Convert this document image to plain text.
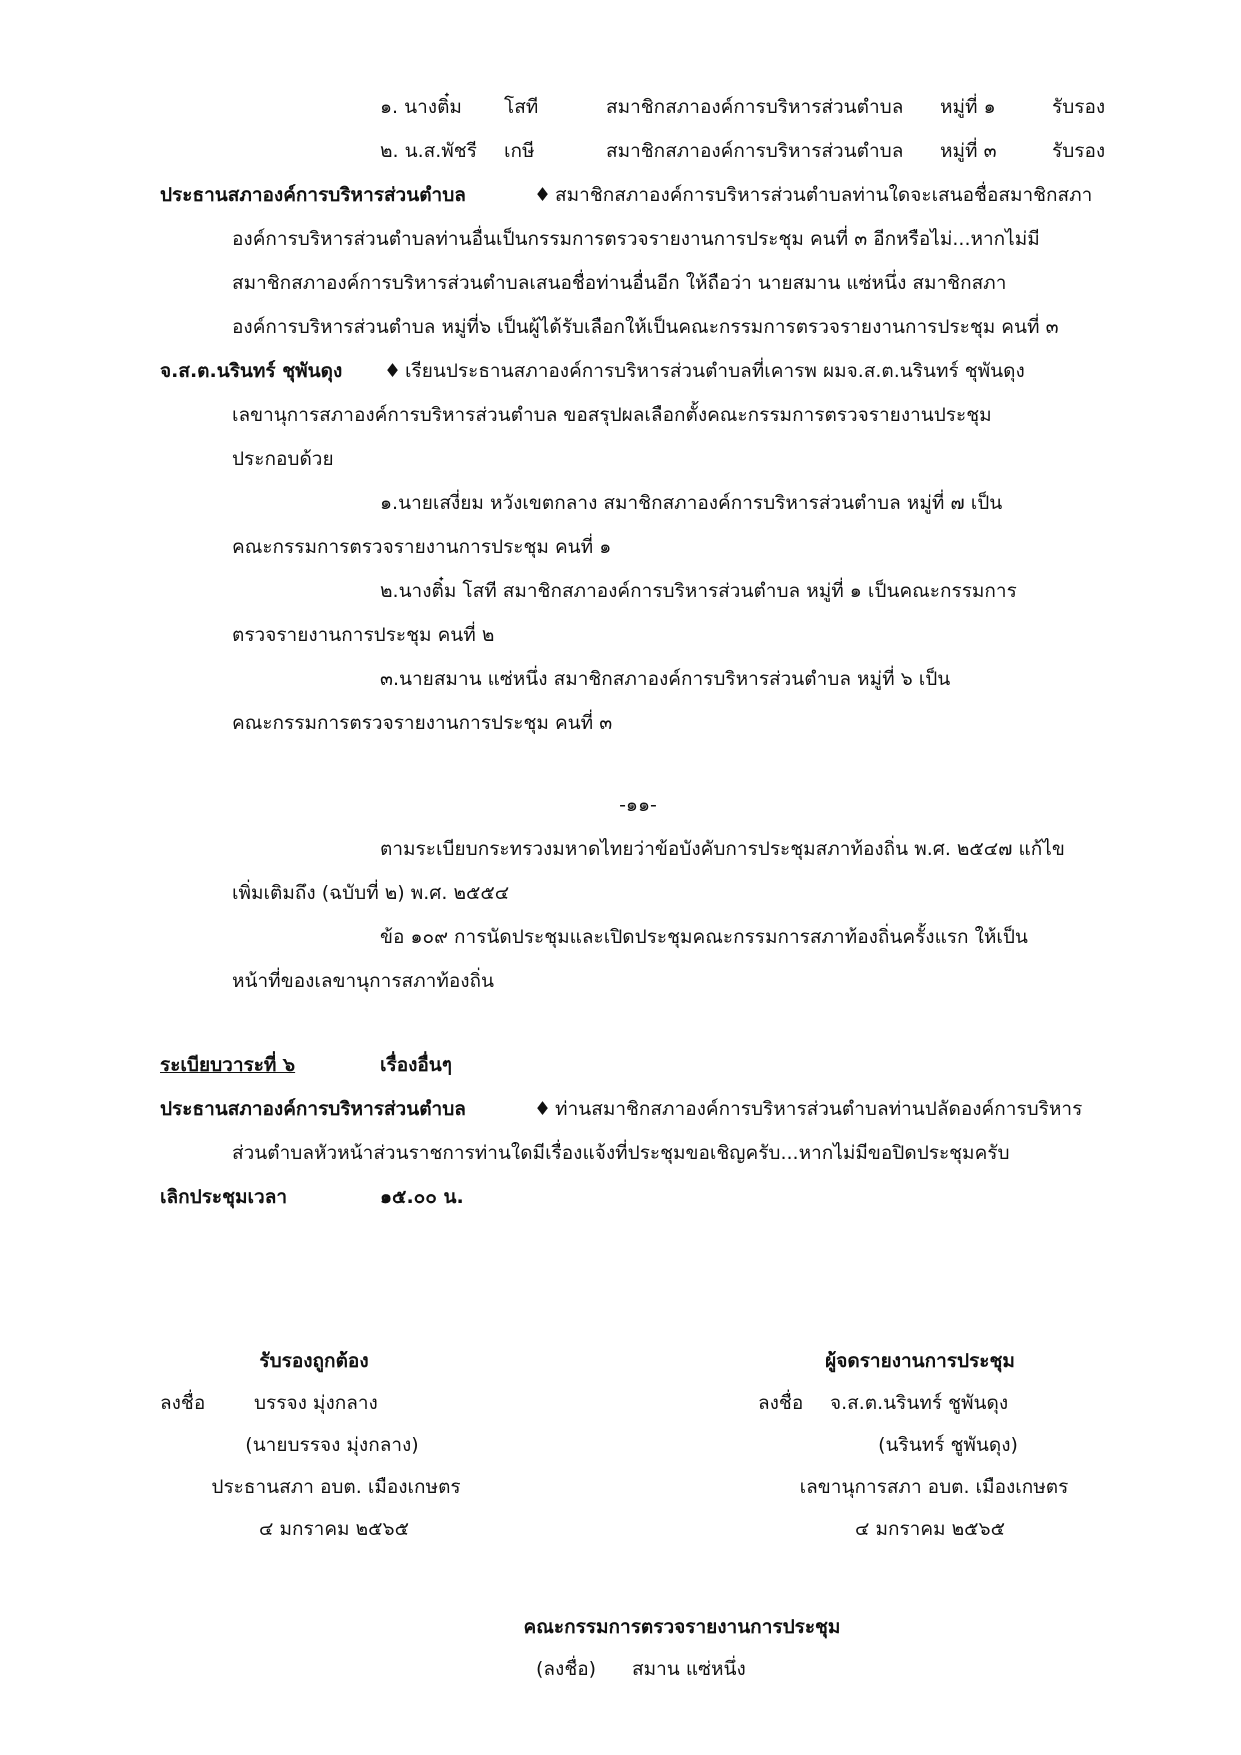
๑. นางติ๋ม โสที	สมาชิกสภาองค์การบริหารส่วนตำบล หมู่ที่ ๑	รับรอง
๒. น.ส.พัชรี เกษี	สมาชิกสภาองค์การบริหารส่วนตำบล หมู่ที่ ๓	รับรอง
ประธานสภาองค์การบริหารส่วนตำบล	♦ สมาชิกสภาองค์การบริหารส่วนตำบลท่านใดจะเสนอชื่อสมาชิกสภา
องค์การบริหารส่วนตำบลท่านอื่นเป็นกรรมการตรวจรายงานการประชุม คนที่ ๓ อีกหรือไม่...หากไม่มี
สมาชิกสภาองค์การบริหารส่วนตำบลเสนอชื่อท่านอื่นอีก ให้ถือว่า นายสมาน แซ่หนึ่ง สมาชิกสภา
องค์การบริหารส่วนตำบล หมู่ที่๖ เป็นผู้ได้รับเลือกให้เป็นคณะกรรมการตรวจรายงานการประชุม คนที่ ๓
จ.ส.ต.นรินทร์ ชุพันดุง ♦ เรียนประธานสภาองค์การบริหารส่วนตำบลที่เคารพ ผมจ.ส.ต.นรินทร์ ชุพันดุง
เลขานุการสภาองค์การบริหารส่วนตำบล ขอสรุปผลเลือกตั้งคณะกรรมการตรวจรายงานประชุม
ประกอบด้วย
๑.นายเสงี่ยม หวังเขตกลาง สมาชิกสภาองค์การบริหารส่วนตำบล หมู่ที่ ๗ เป็น
คณะกรรมการตรวจรายงานการประชุม คนที่ ๑
๒.นางติ๋ม โสที สมาชิกสภาองค์การบริหารส่วนตำบล หมู่ที่ ๑ เป็นคณะกรรมการ
ตรวจรายงานการประชุม คนที่ ๒
๓.นายสมาน แซ่หนึ่ง สมาชิกสภาองค์การบริหารส่วนตำบล หมู่ที่ ๖ เป็น
คณะกรรมการตรวจรายงานการประชุม คนที่ ๓
-๑๑-
ตามระเบียบกระทรวงมหาดไทยว่าข้อบังคับการประชุมสภาท้องถิ่น พ.ศ. ๒๕๔๗ แก้ไข
เพิ่มเติมถึง (ฉบับที่ ๒) พ.ศ. ๒๕๕๔
ข้อ ๑๐๙ การนัดประชุมและเปิดประชุมคณะกรรมการสภาท้องถิ่นครั้งแรก ให้เป็น
หน้าที่ของเลขานุการสภาท้องถิ่น
ระเบียบวาระที่ ๖	เรื่องอื่นๆ
ประธานสภาองค์การบริหารส่วนตำบล	♦ ท่านสมาชิกสภาองค์การบริหารส่วนตำบลท่านปลัดองค์การบริหาร
ส่วนตำบลหัวหน้าส่วนราชการท่านใดมีเรื่องแจ้งที่ประชุมขอเชิญครับ...หากไม่มีขอปิดประชุมครับ
เลิกประชุมเวลา	๑๕.๐๐ น.
รับรองถูกต้อง
ลงชื่อ	บรรจง มุ่งกลาง
(นายบรรจง มุ่งกลาง)
ประธานสภา อบต. เมืองเกษตร
๔ มกราคม ๒๕๖๕
ผู้จดรายงานการประชุม
ลงชื่อ จ.ส.ต.นรินทร์ ชูพันดุง
(นรินทร์ ชูพันดุง)
เลขานุการสภา อบต. เมืองเกษตร
๔ มกราคม ๒๕๖๕
คณะกรรมการตรวจรายงานการประชุม
(ลงชื่อ) สมาน แซ่หนึ่ง
